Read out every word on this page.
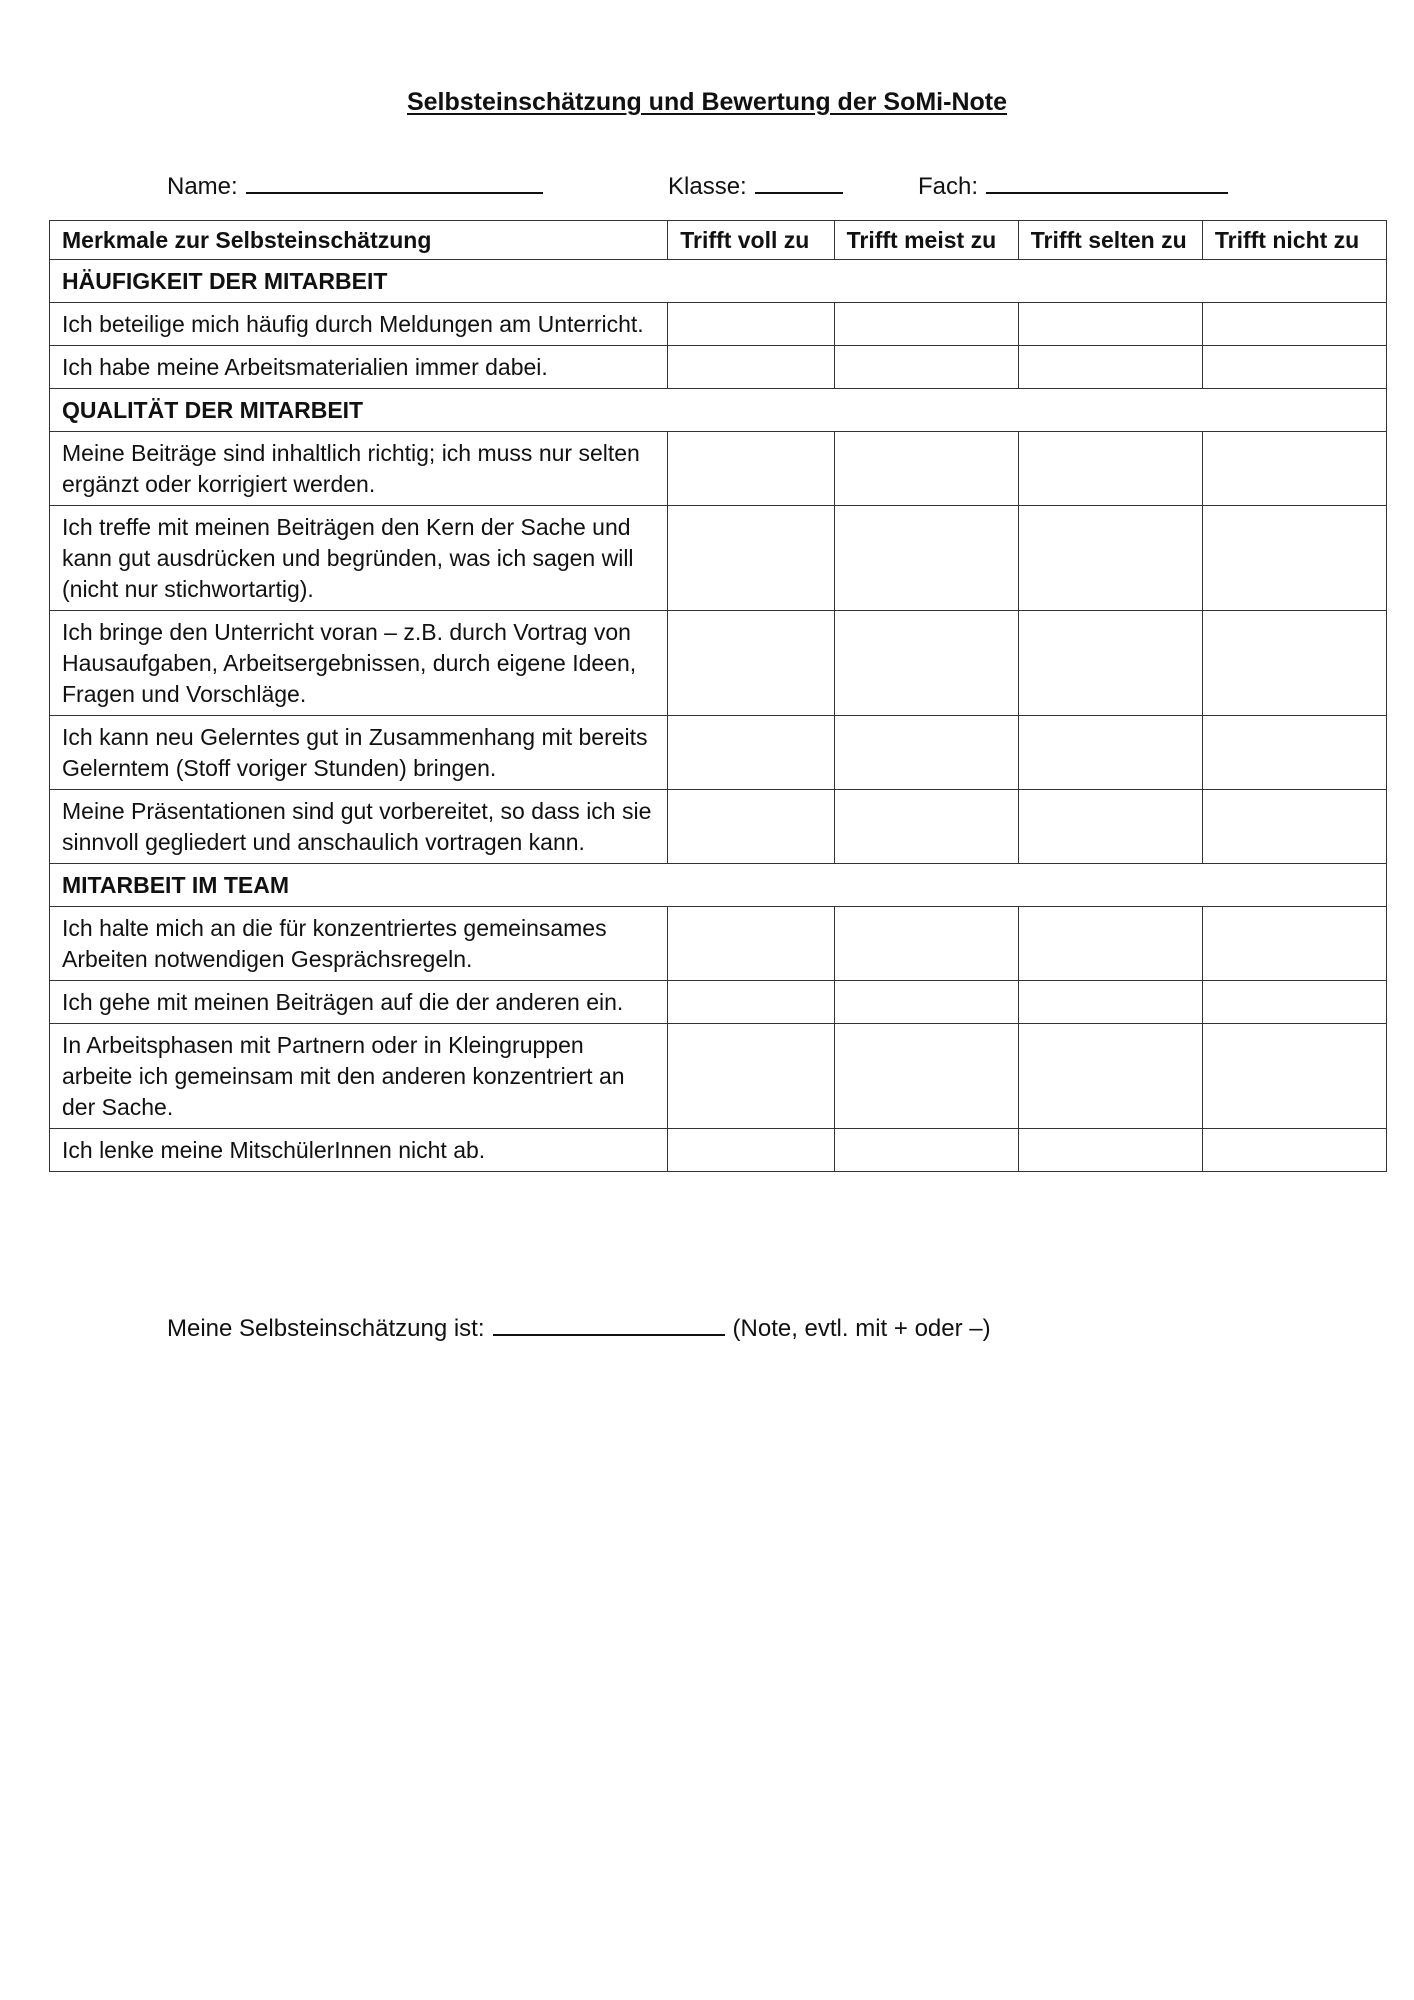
Selbsteinschätzung und Bewertung der SoMi-Note
Name:	Klasse:	Fach:
Merkmale zur Selbsteinschätzung	Trifft voll zu	Trifft meist zu	Trifft selten zu	Trifft nicht zu
HÄUFIGKEIT DER MITARBEIT				
Ich beteilige mich häufig durch Meldungen am Unterricht.				
Ich habe meine Arbeitsmaterialien immer dabei.				
QUALITÄT DER MITARBEIT				
Meine Beiträge sind inhaltlich richtig; ich muss nur selten ergänzt oder korrigiert werden.				
Ich treffe mit meinen Beiträgen den Kern der Sache und kann gut ausdrücken und begründen, was ich sagen will (nicht nur stichwortartig).				
Ich bringe den Unterricht voran – z.B. durch Vortrag von Hausaufgaben, Arbeitsergebnissen, durch eigene Ideen, Fragen und Vorschläge.				
Ich kann neu Gelerntes gut in Zusammenhang mit bereits Gelerntem (Stoff voriger Stunden) bringen.				
Meine Präsentationen sind gut vorbereitet, so dass ich sie sinnvoll gegliedert und anschaulich vortragen kann.				
MITARBEIT IM TEAM				
Ich halte mich an die für konzentriertes gemeinsames Arbeiten notwendigen Gesprächsregeln.				
Ich gehe mit meinen Beiträgen auf die der anderen ein.				
In Arbeitsphasen mit Partnern oder in Kleingruppen arbeite ich gemeinsam mit den anderen konzentriert an der Sache.				
Ich lenke meine MitschülerInnen nicht ab.				
Meine Selbsteinschätzung ist:	(Note, evtl. mit + oder –)
